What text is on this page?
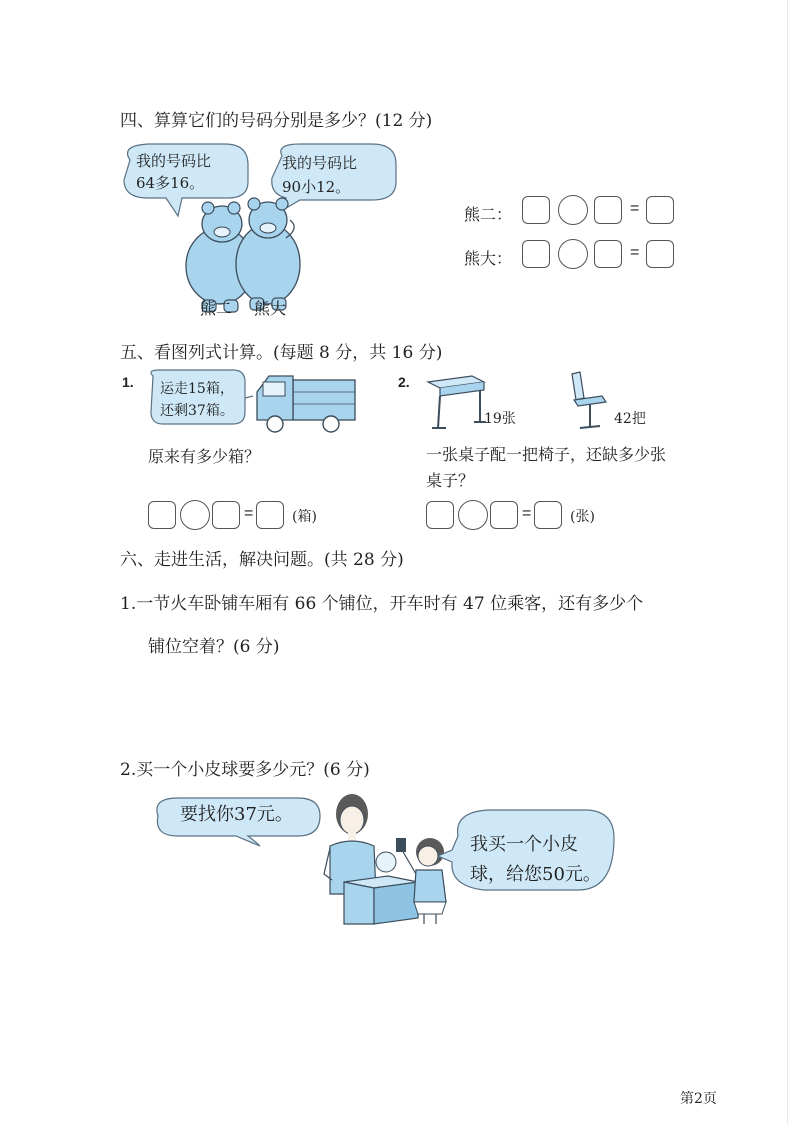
四、算算它们的号码分别是多少？(12 分)
我的号码比
64多16。
我的号码比
90小12。
熊二 熊大
熊二：	=
熊大：	=
五、看图列式计算。(每题 8 分，共 16 分)
1. 运走15箱，
还剩37箱。
原来有多少箱？
=	(箱)
2.
19张	42把
一张桌子配一把椅子，还缺多少张
桌子？
=	(张)
六、走进生活，解决问题。(共 28 分)
1.一节火车卧铺车厢有 66 个铺位，开车时有 47 位乘客，还有多少个
铺位空着？(6 分)
2.买一个小皮球要多少元？(6 分)
要找你37元。
我买一个小皮
球，给您50元。
第2页
